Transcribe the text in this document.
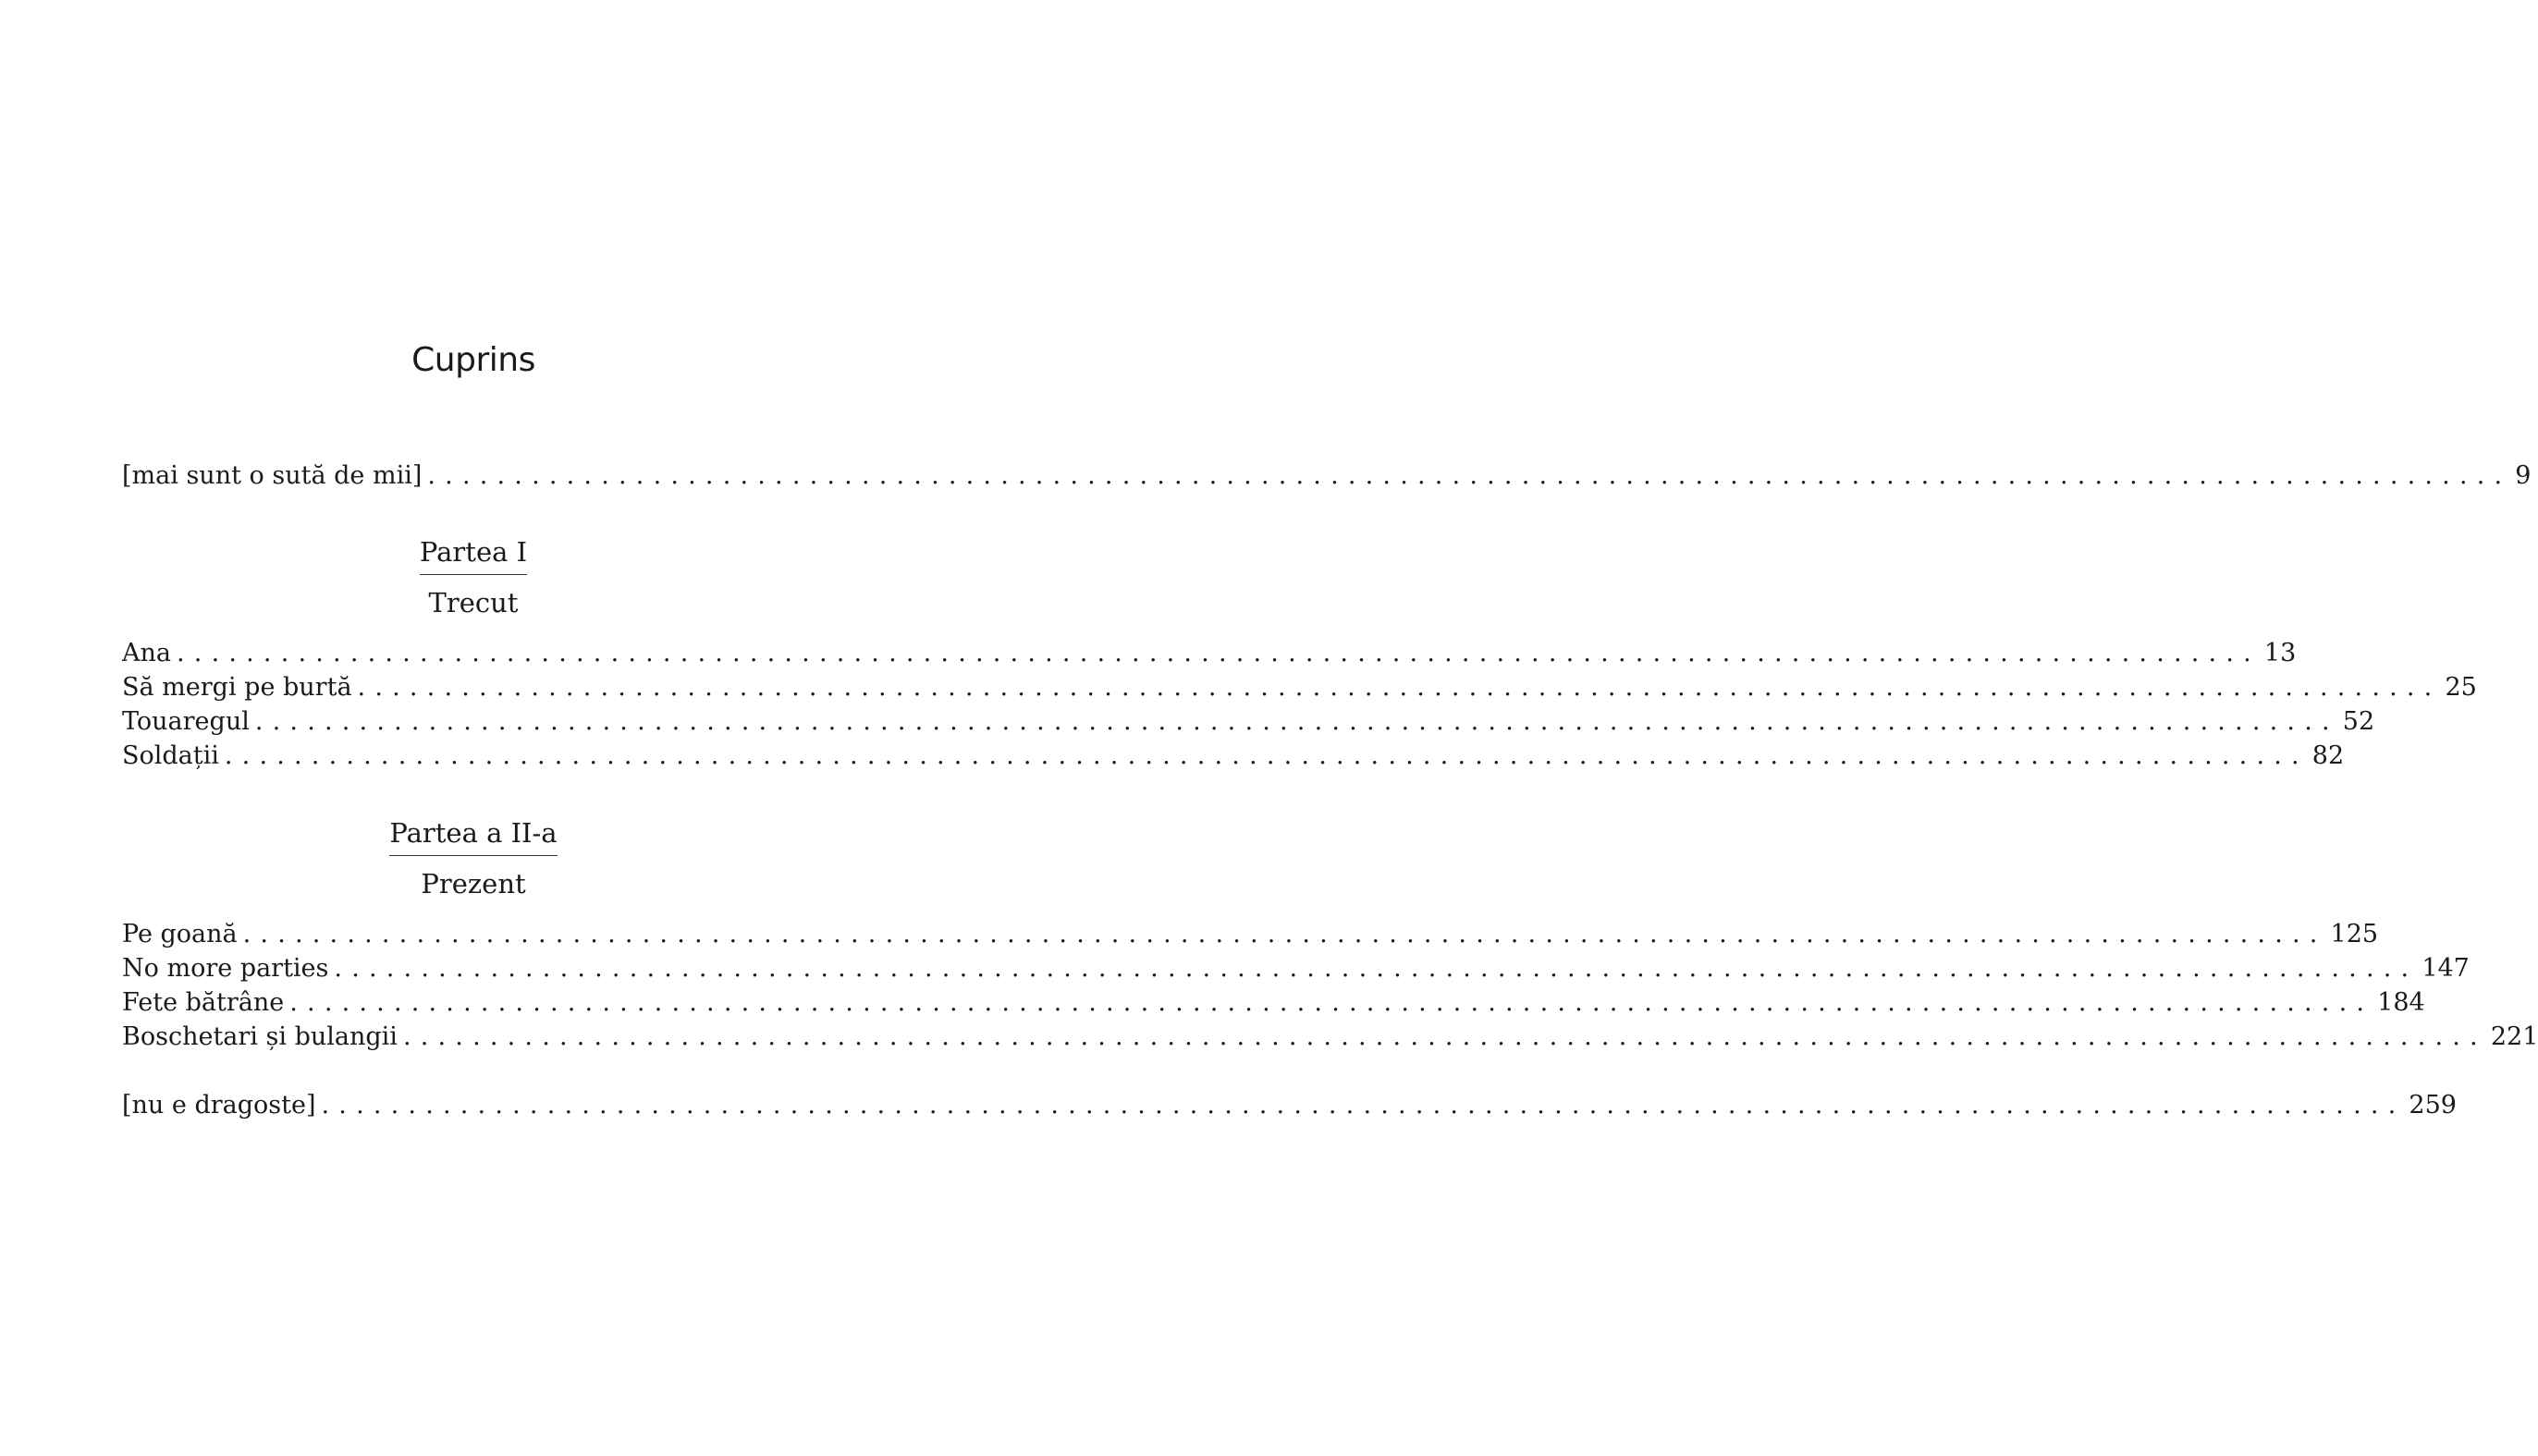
Cuprins
[mai sunt o sută de mii] ........................................................................................................................ 9
Partea I
Trecut
Ana ........................................................................................................................ 13
Să mergi pe burtă ........................................................................................................................ 25
Touaregul ........................................................................................................................ 52
Soldații ........................................................................................................................ 82
Partea a II-a
Prezent
Pe goană ........................................................................................................................ 125
No more parties ........................................................................................................................ 147
Fete bătrâne ........................................................................................................................ 184
Boschetari și bulangii ........................................................................................................................ 221
[nu e dragoste] ........................................................................................................................ 259
